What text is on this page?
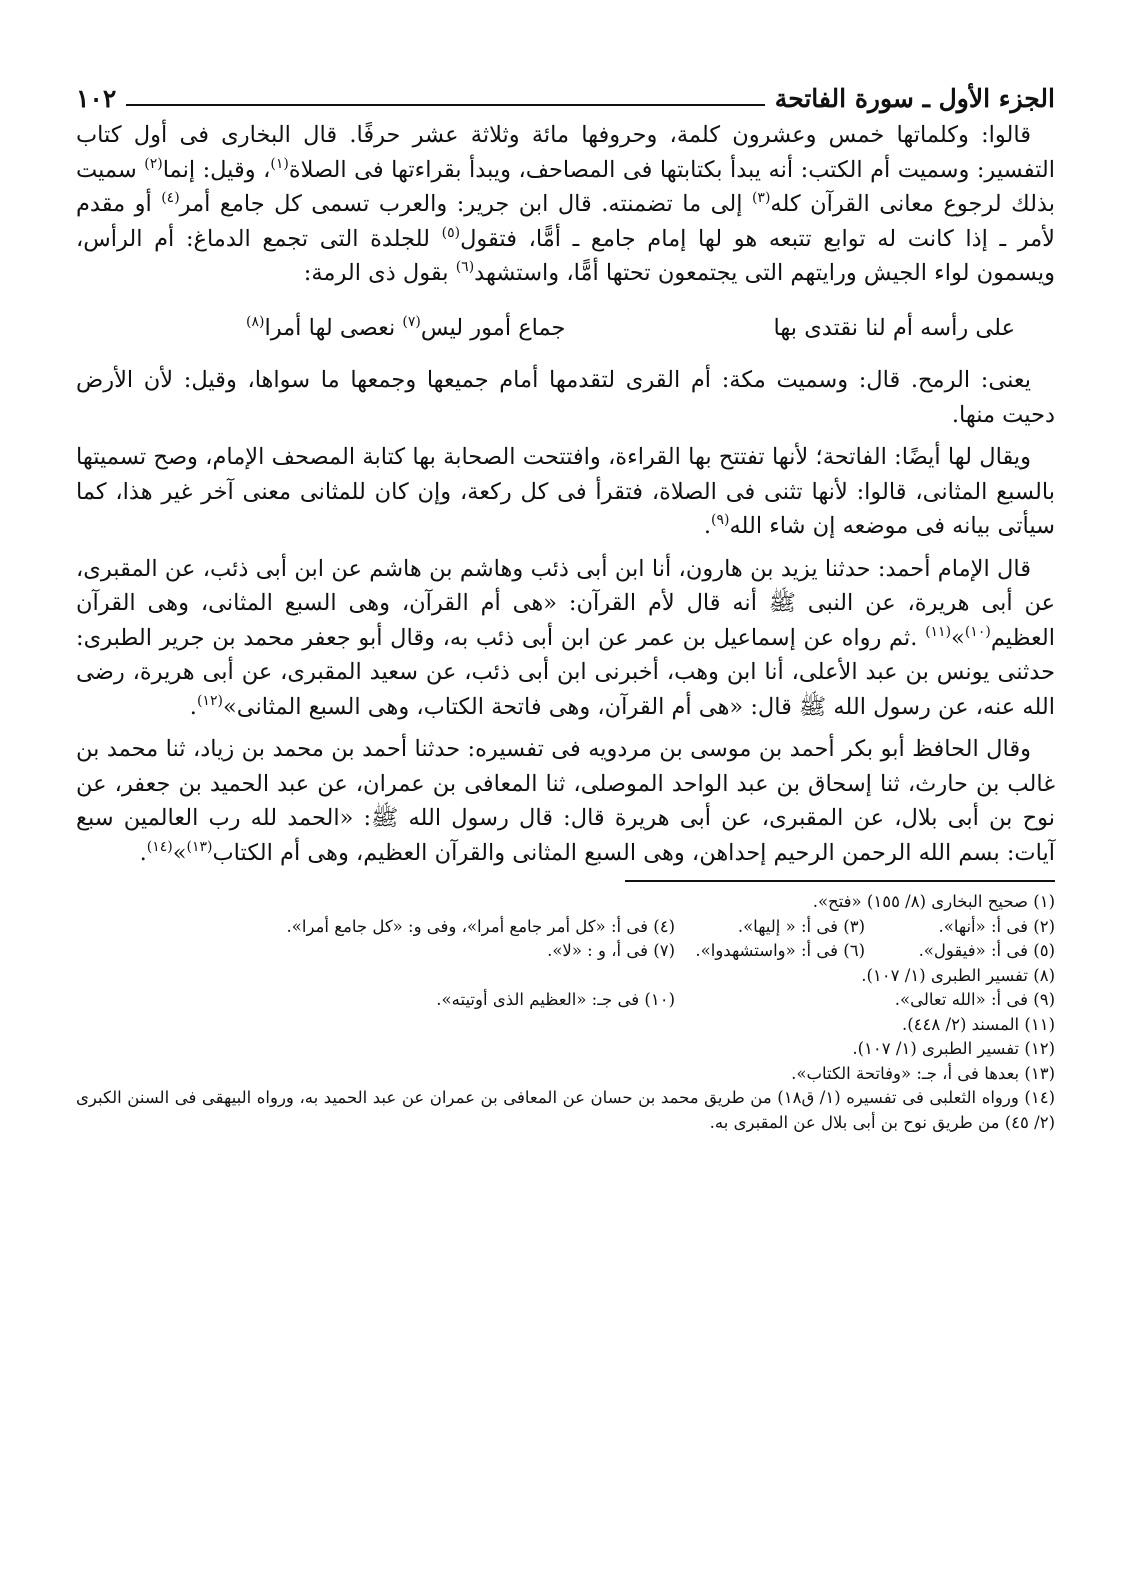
الجزء الأول ـ سورة الفاتحة
١٠٢

قالوا: وكلماتها خمس وعشرون كلمة، وحروفها مائة وثلاثة عشر حرفًا. قال البخارى فى أول كتاب التفسير: وسميت أم الكتب: أنه يبدأ بكتابتها فى المصاحف، ويبدأ بقراءتها فى الصلاة$^{(١)}$، وقيل: إنما$^{(٢)}$ سميت بذلك لرجوع معانى القرآن كله$^{(٣)}$ إلى ما تضمنته. قال ابن جرير: والعرب تسمى كل جامع أمر$^{(٤)}$ أو مقدم لأمر ـ إذا كانت له توابع تتبعه هو لها إمام جامع ـ أمًّا، فتقول$^{(٥)}$ للجلدة التى تجمع الدماغ: أم الرأس، ويسمون لواء الجيش ورايتهم التى يجتمعون تحتها أمًّا، واستشهد$^{(٦)}$ بقول ذى الرمة:

على رأسه أم لنا نقتدى بها
جماع أمور ليس$^{(٧)}$ نعصى لها أمرا$^{(٨)}$

يعنى: الرمح. قال: وسميت مكة: أم القرى لتقدمها أمام جميعها وجمعها ما سواها، وقيل: لأن الأرض دحيت منها.

ويقال لها أيضًا: الفاتحة؛ لأنها تفتتح بها القراءة، وافتتحت الصحابة بها كتابة المصحف الإمام، وصح تسميتها بالسبع المثانى، قالوا: لأنها تثنى فى الصلاة، فتقرأ فى كل ركعة، وإن كان للمثانى معنى آخر غير هذا، كما سيأتى بيانه فى موضعه إن شاء الله$^{(٩)}$.

قال الإمام أحمد: حدثنا يزيد بن هارون، أنا ابن أبى ذئب وهاشم بن هاشم عن ابن أبى ذئب، عن المقبرى، عن أبى هريرة، عن النبى ﷺ أنه قال لأم القرآن: «هى أم القرآن، وهى السبع المثانى، وهى القرآن العظيم$^{(١٠)}$»$^{(١١)}$ .ثم رواه عن إسماعيل بن عمر عن ابن أبى ذئب به، وقال أبو جعفر محمد بن جرير الطبرى: حدثنى يونس بن عبد الأعلى، أنا ابن وهب، أخبرنى ابن أبى ذئب، عن سعيد المقبرى، عن أبى هريرة، رضى الله عنه، عن رسول الله ﷺ قال: «هى أم القرآن، وهى فاتحة الكتاب، وهى السبع المثانى»$^{(١٢)}$.

وقال الحافظ أبو بكر أحمد بن موسى بن مردويه فى تفسيره: حدثنا أحمد بن محمد بن زياد، ثنا محمد بن غالب بن حارث، ثنا إسحاق بن عبد الواحد الموصلى، ثنا المعافى بن عمران، عن عبد الحميد بن جعفر، عن نوح بن أبى بلال، عن المقبرى، عن أبى هريرة قال: قال رسول الله ﷺ: «الحمد لله رب العالمين سبع آيات: بسم الله الرحمن الرحيم إحداهن، وهى السبع المثانى والقرآن العظيم، وهى أم الكتاب$^{(١٣)}$»$^{(١٤)}$.

(١) صحيح البخارى (٨/ ١٥٥) «فتح».
(٢) فى أ: «أنها».
(٣) فى أ: « إليها».
(٤) فى أ: «كل أمر جامع أمرا»، وفى و: «كل جامع أمرا».
(٥) فى أ: «فيقول».
(٦) فى أ: «واستشهدوا».
(٧) فى أ، و : «لا».
(٨) تفسير الطبرى (١/ ١٠٧).
(٩) فى أ: «الله تعالى».
(١٠) فى جـ: «العظيم الذى أوتيته».
(١١) المسند (٢/ ٤٤٨).
(١٢) تفسير الطبرى (١/ ١٠٧).
(١٣) بعدها فى أ، جـ: «وفاتحة الكتاب».
(١٤) ورواه الثعلبى فى تفسيره (١/ ق١٨) من طريق محمد بن حسان عن المعافى بن عمران عن عبد الحميد به، ورواه البيهقى فى السنن الكبرى (٢/ ٤٥) من طريق نوح بن أبى بلال عن المقبرى به.
